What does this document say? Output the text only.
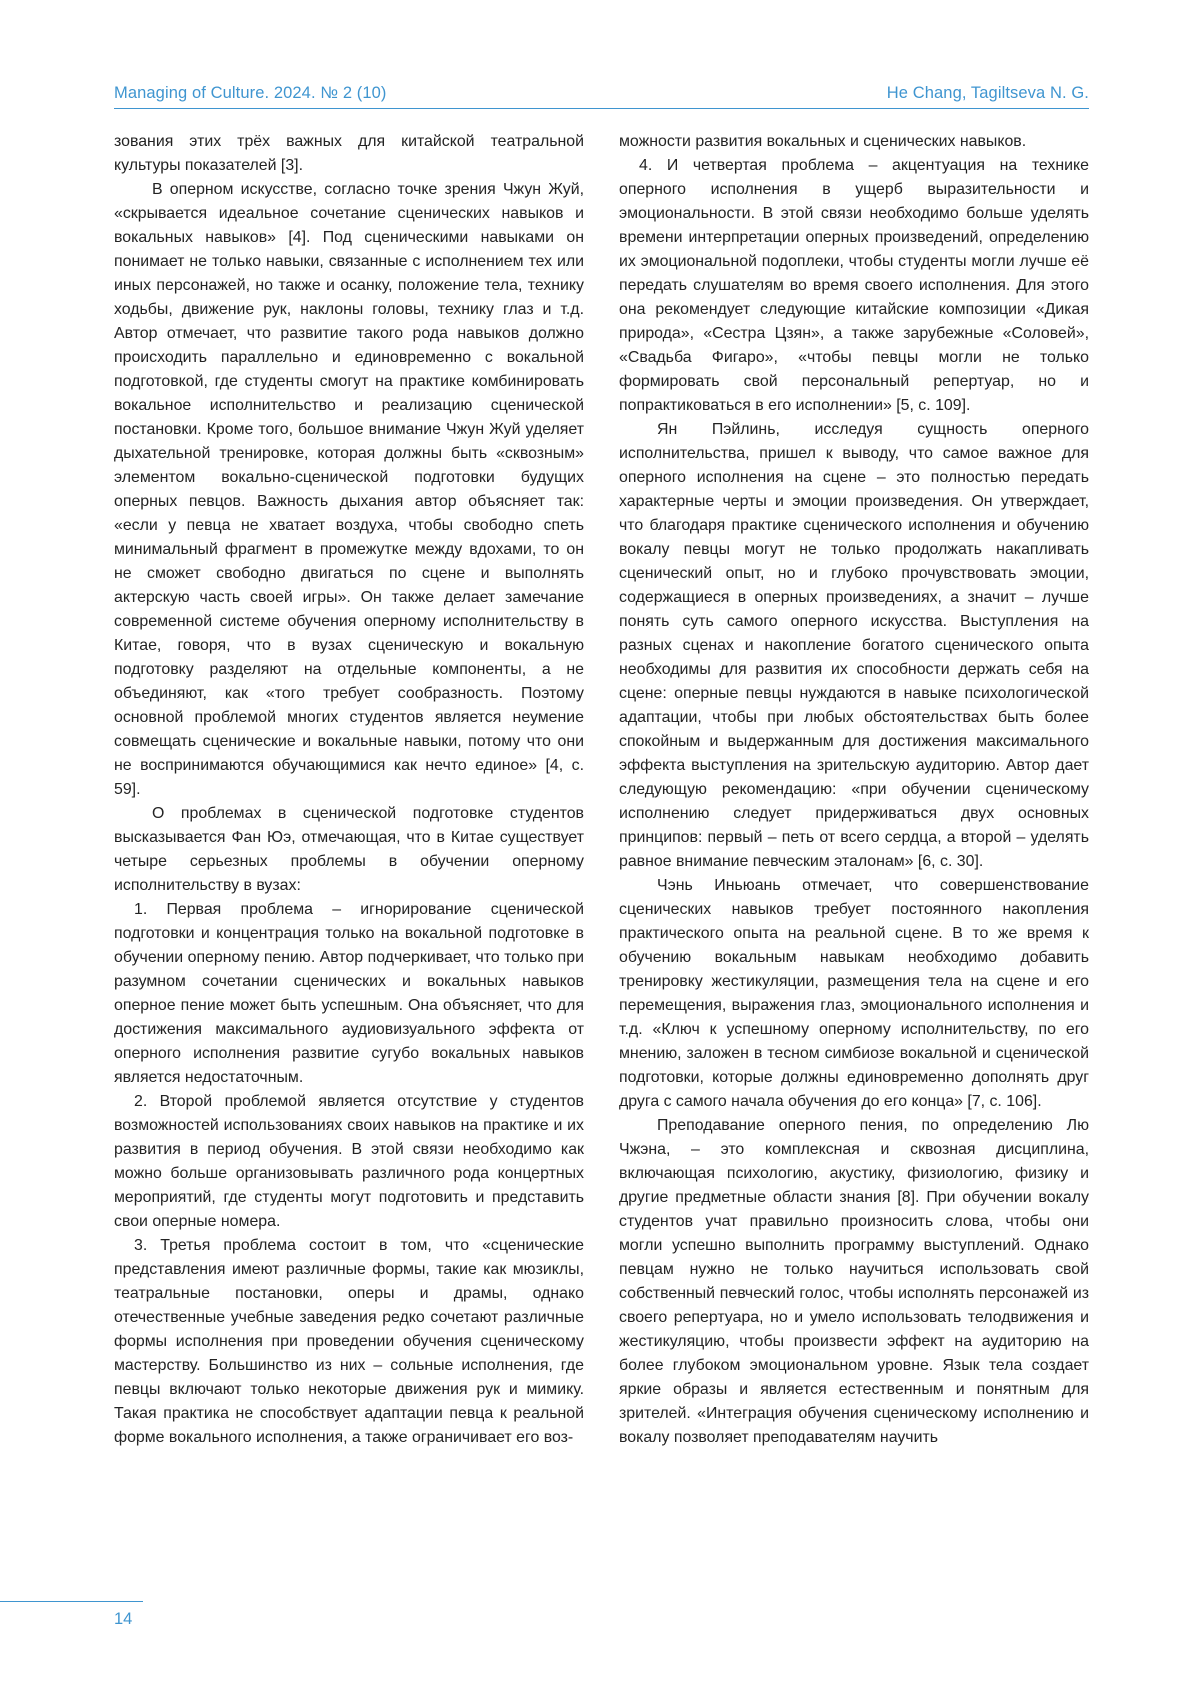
Managing of Culture. 2024. № 2 (10)	He Chang, Tagiltseva N. G.

зования этих трёх важных для китайской театральной культуры показателей [3].

В оперном искусстве, согласно точке зрения Чжун Жуй, «скрывается идеальное сочетание сценических навыков и вокальных навыков» [4]. Под сценическими навыками он понимает не только навыки, связанные с исполнением тех или иных персонажей, но также и осанку, положение тела, технику ходьбы, движение рук, наклоны головы, технику глаз и т.д. Автор отмечает, что развитие такого рода навыков должно происходить параллельно и единовременно с вокальной подготовкой, где студенты смогут на практике комбинировать вокальное исполнительство и реализацию сценической постановки. Кроме того, большое внимание Чжун Жуй уделяет дыхательной тренировке, которая должны быть «сквозным» элементом вокально-сценической подготовки будущих оперных певцов. Важность дыхания автор объясняет так: «если у певца не хватает воздуха, чтобы свободно спеть минимальный фрагмент в промежутке между вдохами, то он не сможет свободно двигаться по сцене и выполнять актерскую часть своей игры». Он также делает замечание современной системе обучения оперному исполнительству в Китае, говоря, что в вузах сценическую и вокальную подготовку разделяют на отдельные компоненты, а не объединяют, как «того требует сообразность. Поэтому основной проблемой многих студентов является неумение совмещать сценические и вокальные навыки, потому что они не воспринимаются обучающимися как нечто единое» [4, с. 59].

О проблемах в сценической подготовке студентов высказывается Фан Юэ, отмечающая, что в Китае существует четыре серьезных проблемы в обучении оперному исполнительству в вузах:

1. Первая проблема – игнорирование сценической подготовки и концентрация только на вокальной подготовке в обучении оперному пению. Автор подчеркивает, что только при разумном сочетании сценических и вокальных навыков оперное пение может быть успешным. Она объясняет, что для достижения максимального аудиовизуального эффекта от оперного исполнения развитие сугубо вокальных навыков является недостаточным.

2. Второй проблемой является отсутствие у студентов возможностей использованиях своих навыков на практике и их развития в период обучения. В этой связи необходимо как можно больше организовывать различного рода концертных мероприятий, где студенты могут подготовить и представить свои оперные номера.

3. Третья проблема состоит в том, что «сценические представления имеют различные формы, такие как мюзиклы, театральные постановки, оперы и драмы, однако отечественные учебные заведения редко сочетают различные формы исполнения при проведении обучения сценическому мастерству. Большинство из них – сольные исполнения, где певцы включают только некоторые движения рук и мимику. Такая практика не способствует адаптации певца к реальной форме вокального исполнения, а также ограничивает его воз-

можности развития вокальных и сценических навыков.

4. И четвертая проблема – акцентуация на технике оперного исполнения в ущерб выразительности и эмоциональности. В этой связи необходимо больше уделять времени интерпретации оперных произведений, определению их эмоциональной подоплеки, чтобы студенты могли лучше её передать слушателям во время своего исполнения. Для этого она рекомендует следующие китайские композиции «Дикая природа», «Сестра Цзян», а также зарубежные «Соловей», «Свадьба Фигаро», «чтобы певцы могли не только формировать свой персональный репертуар, но и попрактиковаться в его исполнении» [5, с. 109].

Ян Пэйлинь, исследуя сущность оперного исполнительства, пришел к выводу, что самое важное для оперного исполнения на сцене – это полностью передать характерные черты и эмоции произведения. Он утверждает, что благодаря практике сценического исполнения и обучению вокалу певцы могут не только продолжать накапливать сценический опыт, но и глубоко прочувствовать эмоции, содержащиеся в оперных произведениях, а значит – лучше понять суть самого оперного искусства. Выступления на разных сценах и накопление богатого сценического опыта необходимы для развития их способности держать себя на сцене: оперные певцы нуждаются в навыке психологической адаптации, чтобы при любых обстоятельствах быть более спокойным и выдержанным для достижения максимального эффекта выступления на зрительскую аудиторию. Автор дает следующую рекомендацию: «при обучении сценическому исполнению следует придерживаться двух основных принципов: первый – петь от всего сердца, а второй – уделять равное внимание певческим эталонам» [6, с. 30].

Чэнь Иньюань отмечает, что совершенствование сценических навыков требует постоянного накопления практического опыта на реальной сцене. В то же время к обучению вокальным навыкам необходимо добавить тренировку жестикуляции, размещения тела на сцене и его перемещения, выражения глаз, эмоционального исполнения и т.д. «Ключ к успешному оперному исполнительству, по его мнению, заложен в тесном симбиозе вокальной и сценической подготовки, которые должны единовременно дополнять друг друга с самого начала обучения до его конца» [7, с. 106].

Преподавание оперного пения, по определению Лю Чжэна, – это комплексная и сквозная дисциплина, включающая психологию, акустику, физиологию, физику и другие предметные области знания [8]. При обучении вокалу студентов учат правильно произносить слова, чтобы они могли успешно выполнить программу выступлений. Однако певцам нужно не только научиться использовать свой собственный певческий голос, чтобы исполнять персонажей из своего репертуара, но и умело использовать телодвижения и жестикуляцию, чтобы произвести эффект на аудиторию на более глубоком эмоциональном уровне. Язык тела создает яркие образы и является естественным и понятным для зрителей. «Интеграция обучения сценическому исполнению и вокалу позволяет преподавателям научить

14
